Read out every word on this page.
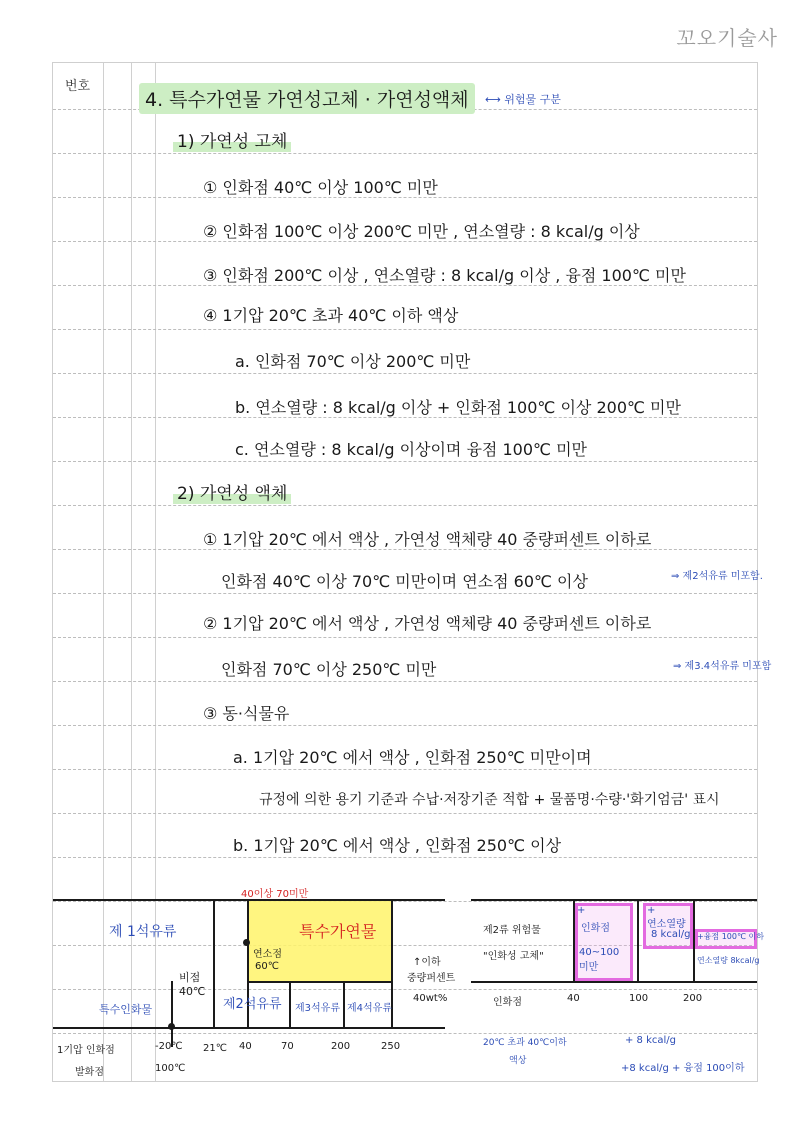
꼬오기술사
번호
4. 특수가연물 가연성고체 · 가연성액체	⟷ 위험물 구분
1) 가연성 고체
① 인화점 40℃ 이상 100℃ 미만
② 인화점 100℃ 이상 200℃ 미만 , 연소열량 : 8 kcal/g 이상
③ 인화점 200℃ 이상 , 연소열량 : 8 kcal/g 이상 , 융점 100℃ 미만
④ 1기압 20℃ 초과 40℃ 이하 액상
a. 인화점 70℃ 이상 200℃ 미만
b. 연소열량 : 8 kcal/g 이상 + 인화점 100℃ 이상 200℃ 미만
c. 연소열량 : 8 kcal/g 이상이며 융점 100℃ 미만
2) 가연성 액체
① 1기압 20℃ 에서 액상 , 가연성 액체량 40 중량퍼센트 이하로
인화점 40℃ 이상 70℃ 미만이며 연소점 60℃ 이상	⇒ 제2석유류 미포함.
② 1기압 20℃ 에서 액상 , 가연성 액체량 40 중량퍼센트 이하로
인화점 70℃ 이상 250℃ 미만	⇒ 제3.4석유류 미포함
③ 동·식물유
a. 1기압 20℃ 에서 액상 , 인화점 250℃ 미만이며
규정에 의한 용기 기준과 수납·저장기준 적합 + 물품명·수량·'화기엄금' 표시
b. 1기압 20℃ 에서 액상 , 인화점 250℃ 이상
40이상 70미만
제 1석유류	특수가연물
특수인화물
비점
40℃
연소점
60℃	↑이하
중량퍼센트
40wt%
제2석유류 제3석유류 제4석유류
1기압 인화점
발화점
-20℃ 21℃ 40	70	200	250
100℃
제2류 위험물
"인화성 고체"
+
인화점
40~100 미만
+
연소열량
8 kcal/g +융점 100℃ 이하
연소열량 8kcal/g
인화점	40	100	200
20℃ 초과 40℃이하
액상
+ 8 kcal/g
+8 kcal/g + 융점 100이하
